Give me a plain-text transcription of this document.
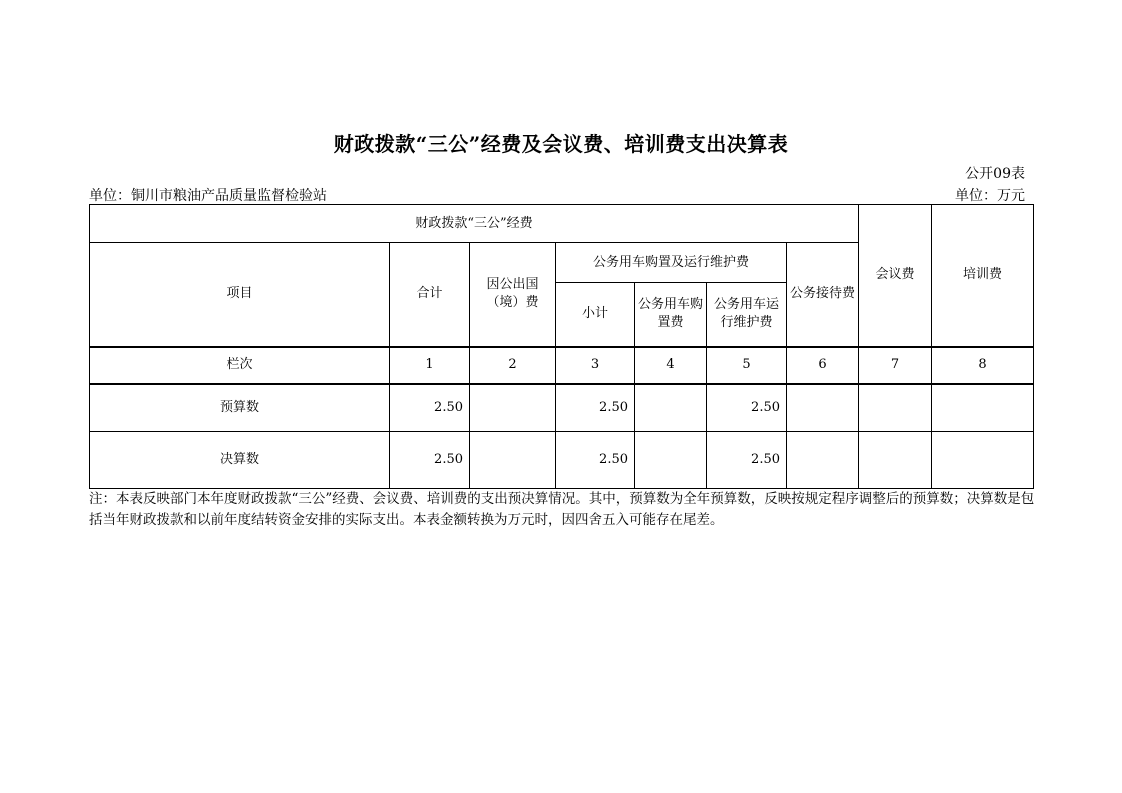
财政拨款“三公”经费及会议费、培训费支出决算表
公开09表
单位：铜川市粮油产品质量监督检验站	单位：万元
财政拨款“三公”经费							会议费	培训费
项目	合计	因公出国（境）费	公务用车购置及运行维护费			公务接待费		
			小计	公务用车购置费	公务用车运行维护费			
栏次	1	2	3	4	5	6	7	8
预算数	2.50		2.50		2.50			
决算数	2.50		2.50		2.50			
注：本表反映部门本年度财政拨款“三公”经费、会议费、培训费的支出预决算情况。其中，预算数为全年预算数，反映按规定程序调整后的预算数；决算数是包括当年财政拨款和以前年度结转资金安排的实际支出。本表金额转换为万元时，因四舍五入可能存在尾差。
